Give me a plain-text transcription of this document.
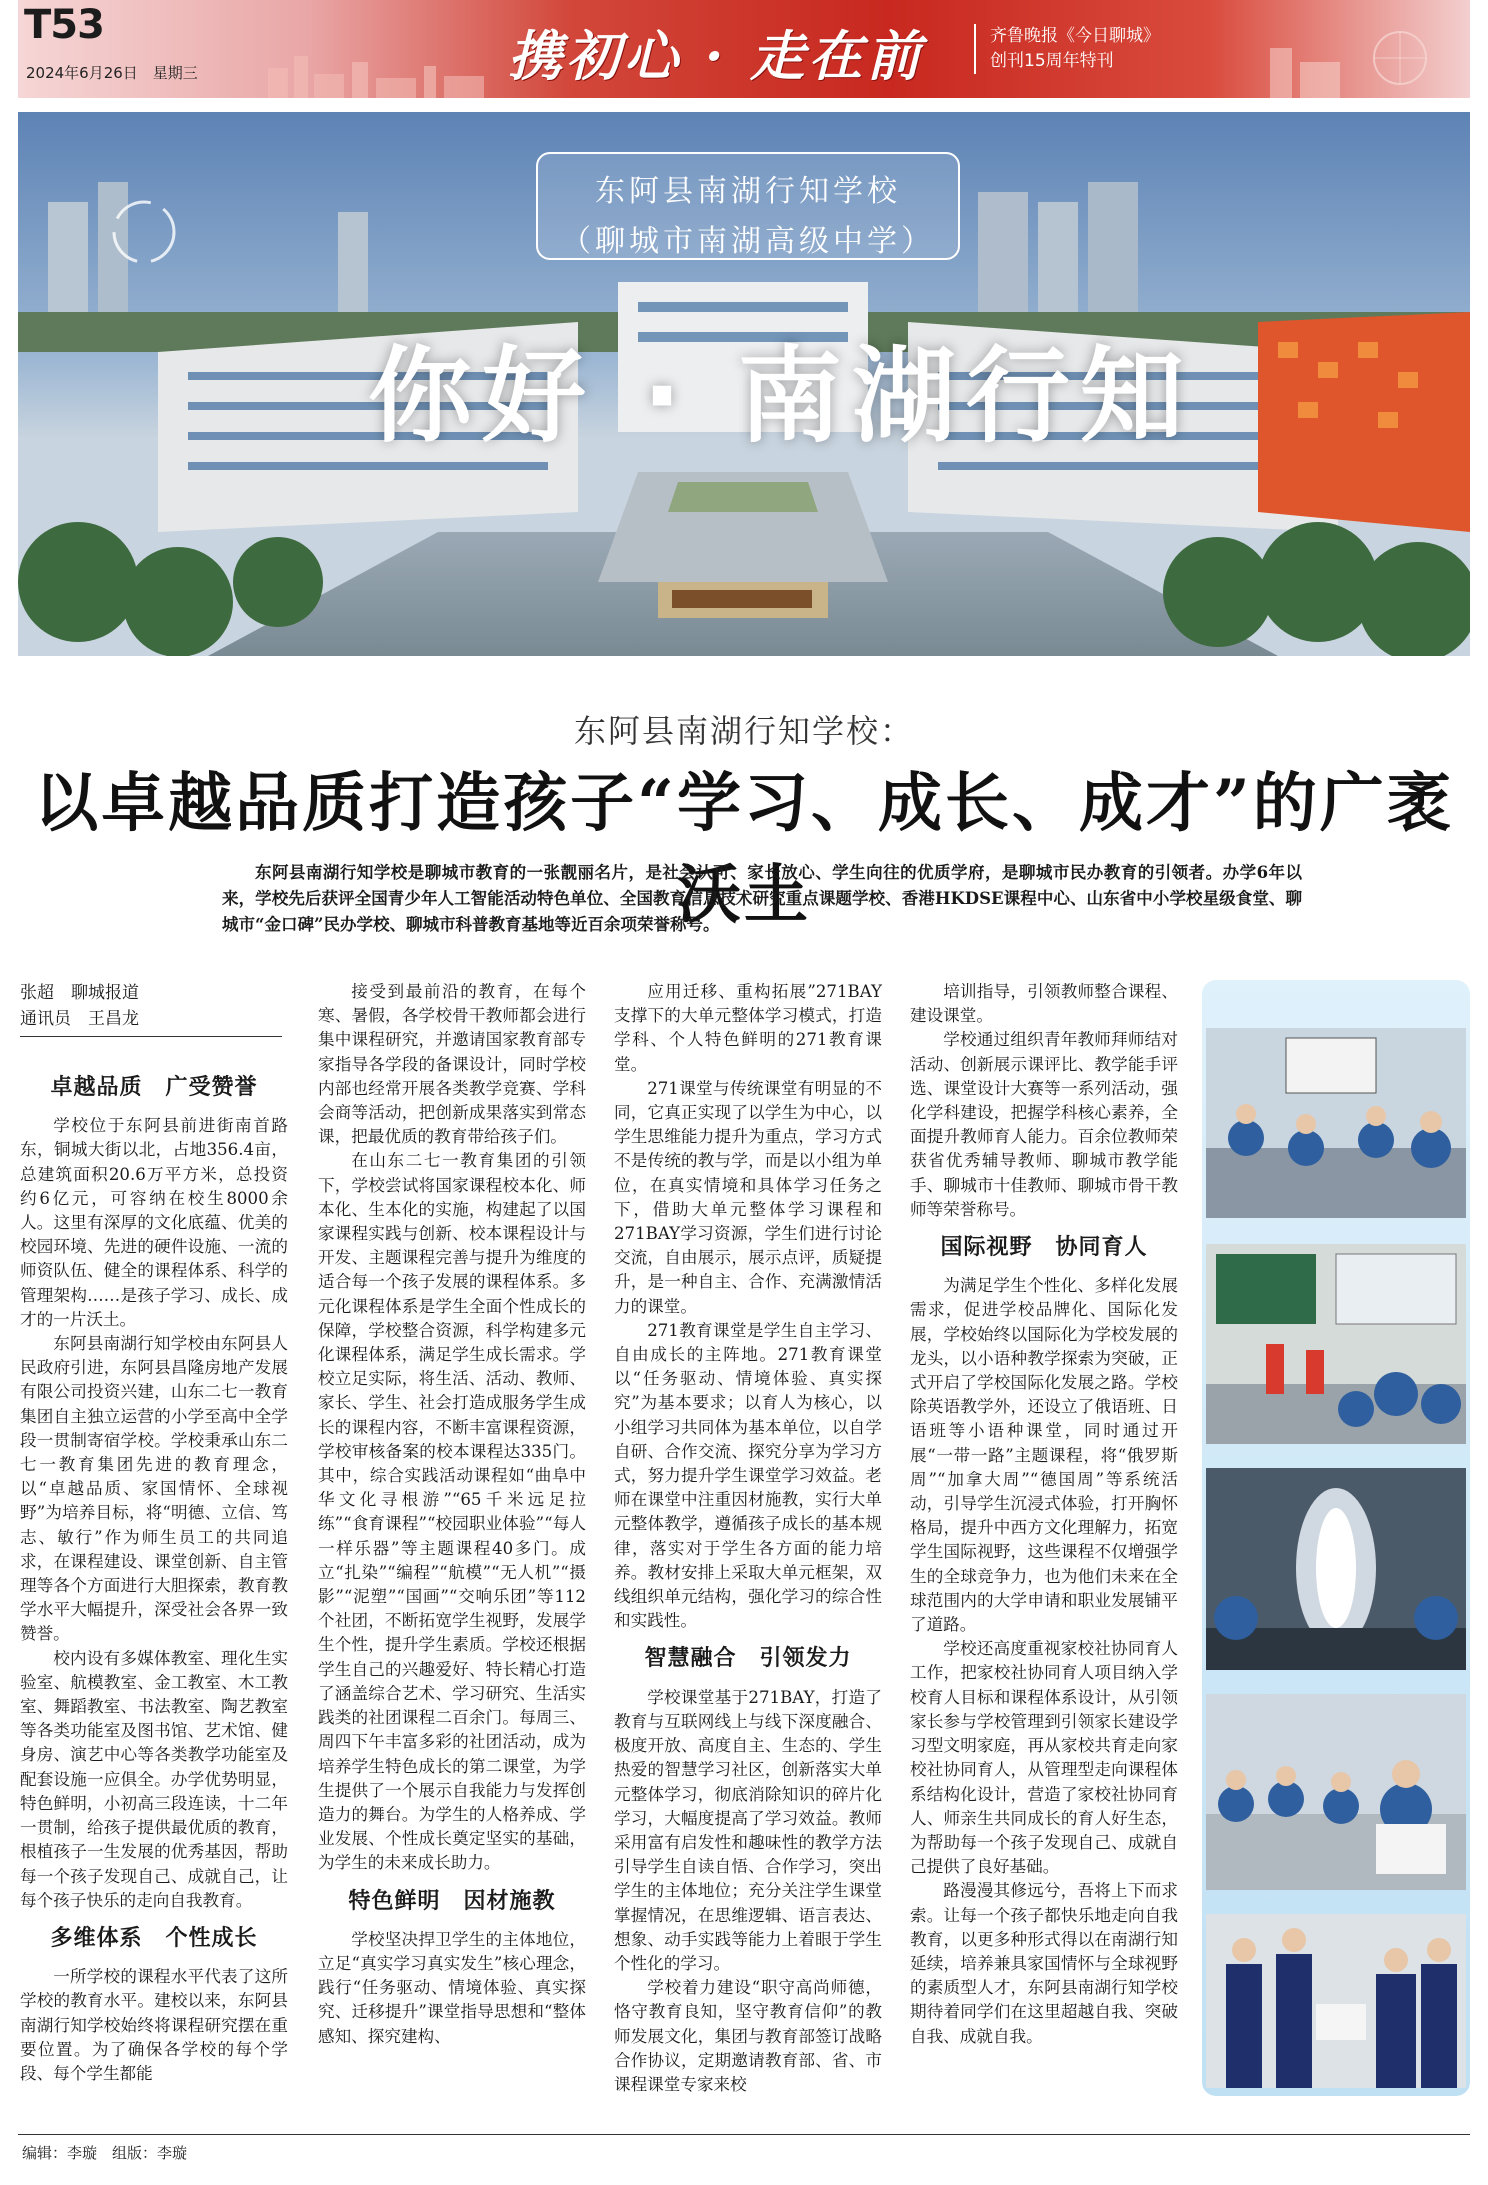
T53
2024年6月26日　星期三	携初心 · 走在前	齐鲁晚报《今日聊城》
创刊15周年特刊
东阿县南湖行知学校
（聊城市南湖高级中学）
你好 · 南湖行知
东阿县南湖行知学校：
以卓越品质打造孩子“学习、成长、成才”的广袤沃土
东阿县南湖行知学校是聊城市教育的一张靓丽名片，是社会认可、家长放心、学生向往的优质学府，是聊城市民办教育的引领者。办学6年以来，学校先后获评全国青少年人工智能活动特色单位、全国教育信息技术研究重点课题学校、香港HKDSE课程中心、山东省中小学校星级食堂、聊城市“金口碑”民办学校、聊城市科普教育基地等近百余项荣誉称号。
张超　聊城报道
通讯员　王昌龙
卓越品质　广受赞誉

学校位于东阿县前进街南首路东，铜城大街以北，占地356.4亩，总建筑面积20.6万平方米，总投资约6亿元，可容纳在校生8000余人。这里有深厚的文化底蕴、优美的校园环境、先进的硬件设施、一流的师资队伍、健全的课程体系、科学的管理架构……是孩子学习、成长、成才的一片沃土。

东阿县南湖行知学校由东阿县人民政府引进，东阿县昌隆房地产发展有限公司投资兴建，山东二七一教育集团自主独立运营的小学至高中全学段一贯制寄宿学校。学校秉承山东二七一教育集团先进的教育理念，以“卓越品质、家国情怀、全球视野”为培养目标，将“明德、立信、笃志、敏行”作为师生员工的共同追求，在课程建设、课堂创新、自主管理等各个方面进行大胆探索，教育教学水平大幅提升，深受社会各界一致赞誉。

校内设有多媒体教室、理化生实验室、航模教室、金工教室、木工教室、舞蹈教室、书法教室、陶艺教室等各类功能室及图书馆、艺术馆、健身房、演艺中心等各类教学功能室及配套设施一应俱全。办学优势明显，特色鲜明，小初高三段连读，十二年一贯制，给孩子提供最优质的教育，根植孩子一生发展的优秀基因，帮助每一个孩子发现自己、成就自己，让每个孩子快乐的走向自我教育。

多维体系　个性成长

一所学校的课程水平代表了这所学校的教育水平。建校以来，东阿县南湖行知学校始终将课程研究摆在重要位置。为了确保各学校的每个学段、每个学生都能

接受到最前沿的教育，在每个寒、暑假，各学校骨干教师都会进行集中课程研究，并邀请国家教育部专家指导各学段的备课设计，同时学校内部也经常开展各类教学竞赛、学科会商等活动，把创新成果落实到常态课，把最优质的教育带给孩子们。

在山东二七一教育集团的引领下，学校尝试将国家课程校本化、师本化、生本化的实施，构建起了以国家课程实践与创新、校本课程设计与开发、主题课程完善与提升为维度的适合每一个孩子发展的课程体系。多元化课程体系是学生全面个性成长的保障，学校整合资源，科学构建多元化课程体系，满足学生成长需求。学校立足实际，将生活、活动、教师、家长、学生、社会打造成服务学生成长的课程内容，不断丰富课程资源，学校审核备案的校本课程达335门。其中，综合实践活动课程如“曲阜中华文化寻根游”“65千米远足拉练”“食育课程”“校园职业体验”“每人一样乐器”等主题课程40多门。成立“扎染”“编程”“航模”“无人机”“摄影”“泥塑”“国画”“交响乐团”等112个社团，不断拓宽学生视野，发展学生个性，提升学生素质。学校还根据学生自己的兴趣爱好、特长精心打造了涵盖综合艺术、学习研究、生活实践类的社团课程二百余门。每周三、周四下午丰富多彩的社团活动，成为培养学生特色成长的第二课堂，为学生提供了一个展示自我能力与发挥创造力的舞台。为学生的人格养成、学业发展、个性成长奠定坚实的基础，为学生的未来成长助力。

特色鲜明　因材施教

学校坚决捍卫学生的主体地位，立足“真实学习真实发生”核心理念，践行“任务驱动、情境体验、真实探究、迁移提升”课堂指导思想和“整体感知、探究建构、

应用迁移、重构拓展”271BAY支撑下的大单元整体学习模式，打造学科、个人特色鲜明的271教育课堂。

271课堂与传统课堂有明显的不同，它真正实现了以学生为中心，以学生思维能力提升为重点，学习方式不是传统的教与学，而是以小组为单位，在真实情境和具体学习任务之下，借助大单元整体学习课程和271BAY学习资源，学生们进行讨论交流，自由展示，展示点评，质疑提升，是一种自主、合作、充满激情活力的课堂。

271教育课堂是学生自主学习、自由成长的主阵地。271教育课堂以“任务驱动、情境体验、真实探究”为基本要求；以育人为核心，以小组学习共同体为基本单位，以自学自研、合作交流、探究分享为学习方式，努力提升学生课堂学习效益。老师在课堂中注重因材施教，实行大单元整体教学，遵循孩子成长的基本规律，落实对于学生各方面的能力培养。教材安排上采取大单元框架，双线组织单元结构，强化学习的综合性和实践性。

智慧融合　引领发力

学校课堂基于271BAY，打造了教育与互联网线上与线下深度融合、极度开放、高度自主、生态的、学生热爱的智慧学习社区，创新落实大单元整体学习，彻底消除知识的碎片化学习，大幅度提高了学习效益。教师采用富有启发性和趣味性的教学方法引导学生自读自悟、合作学习，突出学生的主体地位；充分关注学生课堂掌握情况，在思维逻辑、语言表达、想象、动手实践等能力上着眼于学生个性化的学习。

学校着力建设“职守高尚师德，恪守教育良知，坚守教育信仰”的教师发展文化，集团与教育部签订战略合作协议，定期邀请教育部、省、市课程课堂专家来校

培训指导，引领教师整合课程、建设课堂。

学校通过组织青年教师拜师结对活动、创新展示课评比、教学能手评选、课堂设计大赛等一系列活动，强化学科建设，把握学科核心素养，全面提升教师育人能力。百余位教师荣获省优秀辅导教师、聊城市教学能手、聊城市十佳教师、聊城市骨干教师等荣誉称号。

国际视野　协同育人

为满足学生个性化、多样化发展需求，促进学校品牌化、国际化发展，学校始终以国际化为学校发展的龙头，以小语种教学探索为突破，正式开启了学校国际化发展之路。学校除英语教学外，还设立了俄语班、日语班等小语种课堂，同时通过开展“一带一路”主题课程，将“俄罗斯周”“加拿大周”“德国周”等系统活动，引导学生沉浸式体验，打开胸怀格局，提升中西方文化理解力，拓宽学生国际视野，这些课程不仅增强学生的全球竞争力，也为他们未来在全球范围内的大学申请和职业发展铺平了道路。

学校还高度重视家校社协同育人工作，把家校社协同育人项目纳入学校育人目标和课程体系设计，从引领家长参与学校管理到引领家长建设学习型文明家庭，再从家校共育走向家校社协同育人，从管理型走向课程体系结构化设计，营造了家校社协同育人、师亲生共同成长的育人好生态，为帮助每一个孩子发现自己、成就自己提供了良好基础。

路漫漫其修远兮，吾将上下而求索。让每一个孩子都快乐地走向自我教育，以更多种形式得以在南湖行知延续，培养兼具家国情怀与全球视野的素质型人才，东阿县南湖行知学校期待着同学们在这里超越自我、突破自我、成就自我。

编辑：李璇　组版：李璇
